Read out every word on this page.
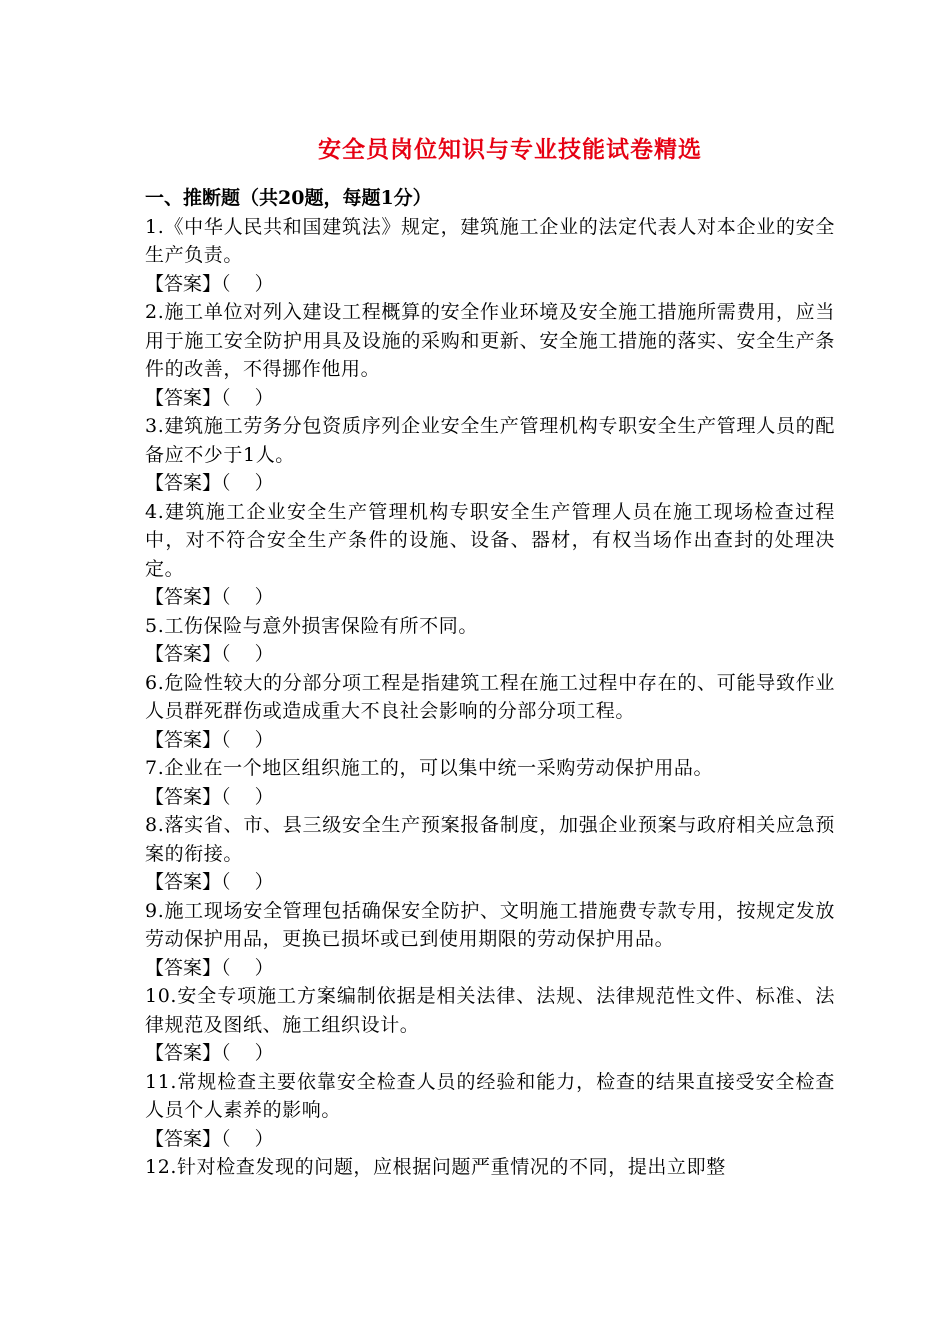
安全员岗位知识与专业技能试卷精选
一、推断题（共20题，每题1分）
1.《中华人民共和国建筑法》规定，建筑施工企业的法定代表人对本企业的安全生产负责。
【答案】（    ）
2.施工单位对列入建设工程概算的安全作业环境及安全施工措施所需费用，应当用于施工安全防护用具及设施的采购和更新、安全施工措施的落实、安全生产条件的改善，不得挪作他用。
【答案】（    ）
3.建筑施工劳务分包资质序列企业安全生产管理机构专职安全生产管理人员的配备应不少于1人。
【答案】（    ）
4.建筑施工企业安全生产管理机构专职安全生产管理人员在施工现场检查过程中，对不符合安全生产条件的设施、设备、器材，有权当场作出查封的处理决定。
【答案】（    ）
5.工伤保险与意外损害保险有所不同。
【答案】（    ）
6.危险性较大的分部分项工程是指建筑工程在施工过程中存在的、可能导致作业人员群死群伤或造成重大不良社会影响的分部分项工程。
【答案】（    ）
7.企业在一个地区组织施工的，可以集中统一采购劳动保护用品。
【答案】（    ）
8.落实省、市、县三级安全生产预案报备制度，加强企业预案与政府相关应急预案的衔接。
【答案】（    ）
9.施工现场安全管理包括确保安全防护、文明施工措施费专款专用，按规定发放劳动保护用品，更换已损坏或已到使用期限的劳动保护用品。
【答案】（    ）
10.安全专项施工方案编制依据是相关法律、法规、法律规范性文件、标准、法律规范及图纸、施工组织设计。
【答案】（    ）
11.常规检查主要依靠安全检查人员的经验和能力，检查的结果直接受安全检查人员个人素养的影响。
【答案】（    ）
12.针对检查发现的问题，应根据问题严重情况的不同，提出立即整
